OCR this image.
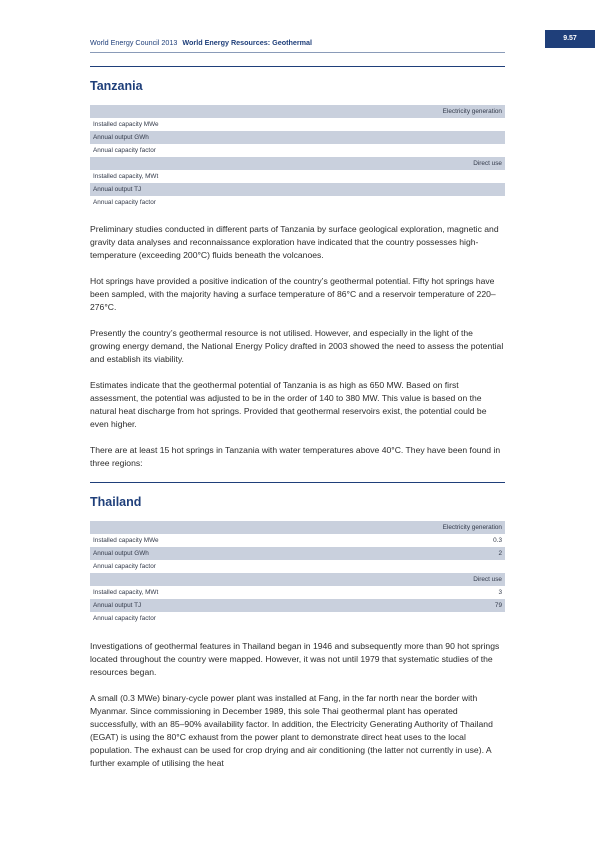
World Energy Council 2013 World Energy Resources: Geothermal	9.57
Tanzania
	Electricity generation
Installed capacity MWe	
Annual output GWh	
Annual capacity factor	
	Direct use
Installed capacity, MWt	
Annual output TJ	
Annual capacity factor	

Preliminary studies conducted in different parts of Tanzania by surface geological exploration, magnetic and gravity data analyses and reconnaissance exploration have indicated that the country possesses high-temperature (exceeding 200°C) fluids beneath the volcanoes.

Hot springs have provided a positive indication of the country’s geothermal potential. Fifty hot springs have been sampled, with the majority having a surface temperature of 86°C and a reservoir temperature of 220–276°C.

Presently the country’s geothermal resource is not utilised. However, and especially in the light of the growing energy demand, the National Energy Policy drafted in 2003 showed the need to assess the potential and establish its viability.

Estimates indicate that the geothermal potential of Tanzania is as high as 650 MW. Based on first assessment, the potential was adjusted to be in the order of 140 to 380 MW. This value is based on the natural heat discharge from hot springs. Provided that geothermal reservoirs exist, the potential could be even higher.

There are at least 15 hot springs in Tanzania with water temperatures above 40°C. They have been found in three regions:

Thailand
	Electricity generation
Installed capacity MWe	0.3
Annual output GWh	2
Annual capacity factor	
	Direct use
Installed capacity, MWt	3
Annual output TJ	79
Annual capacity factor	

Investigations of geothermal features in Thailand began in 1946 and subsequently more than 90 hot springs located throughout the country were mapped. However, it was not until 1979 that systematic studies of the resources began.

A small (0.3 MWe) binary-cycle power plant was installed at Fang, in the far north near the border with Myanmar. Since commissioning in December 1989, this sole Thai geothermal plant has operated successfully, with an 85–90% availability factor. In addition, the Electricity Generating Authority of Thailand (EGAT) is using the 80°C exhaust from the power plant to demonstrate direct heat uses to the local population. The exhaust can be used for crop drying and air conditioning (the latter not currently in use). A further example of utilising the heat
